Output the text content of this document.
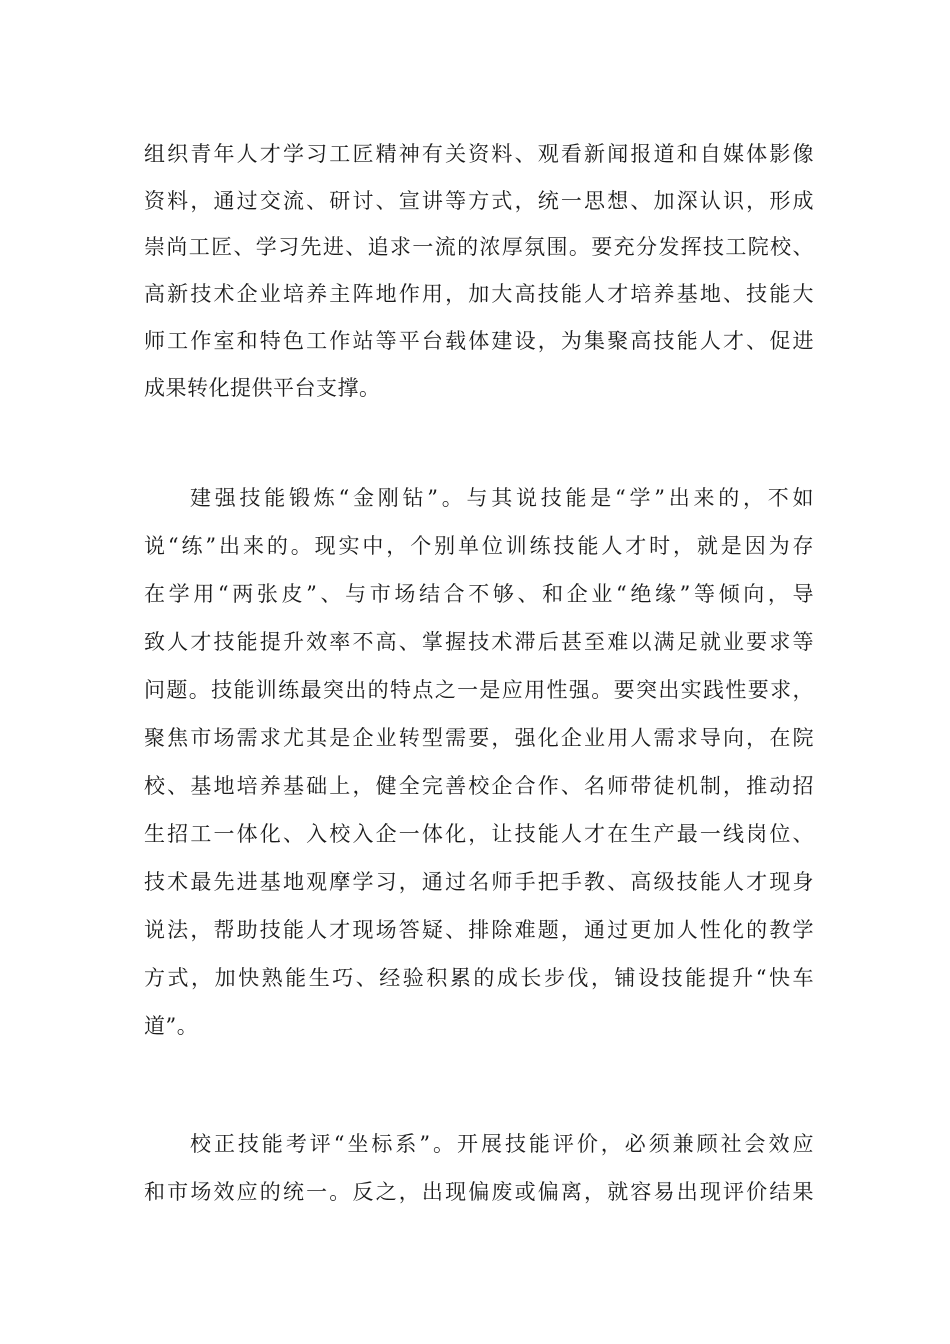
组织青年人才学习工匠精神有关资料、观看新闻报道和自媒体影像
资料，通过交流、研讨、宣讲等方式，统一思想、加深认识，形成
崇尚工匠、学习先进、追求一流的浓厚氛围。要充分发挥技工院校、
高新技术企业培养主阵地作用，加大高技能人才培养基地、技能大
师工作室和特色工作站等平台载体建设，为集聚高技能人才、促进
成果转化提供平台支撑。
建强技能锻炼“金刚钻”。与其说技能是“学”出来的，不如
说“练”出来的。现实中，个别单位训练技能人才时，就是因为存
在学用“两张皮”、与市场结合不够、和企业“绝缘”等倾向，导
致人才技能提升效率不高、掌握技术滞后甚至难以满足就业要求等
问题。技能训练最突出的特点之一是应用性强。要突出实践性要求，
聚焦市场需求尤其是企业转型需要，强化企业用人需求导向，在院
校、基地培养基础上，健全完善校企合作、名师带徒机制，推动招
生招工一体化、入校入企一体化，让技能人才在生产最一线岗位、
技术最先进基地观摩学习，通过名师手把手教、高级技能人才现身
说法，帮助技能人才现场答疑、排除难题，通过更加人性化的教学
方式，加快熟能生巧、经验积累的成长步伐，铺设技能提升“快车
道”。
校正技能考评“坐标系”。开展技能评价，必须兼顾社会效应
和市场效应的统一。反之，出现偏废或偏离，就容易出现评价结果
